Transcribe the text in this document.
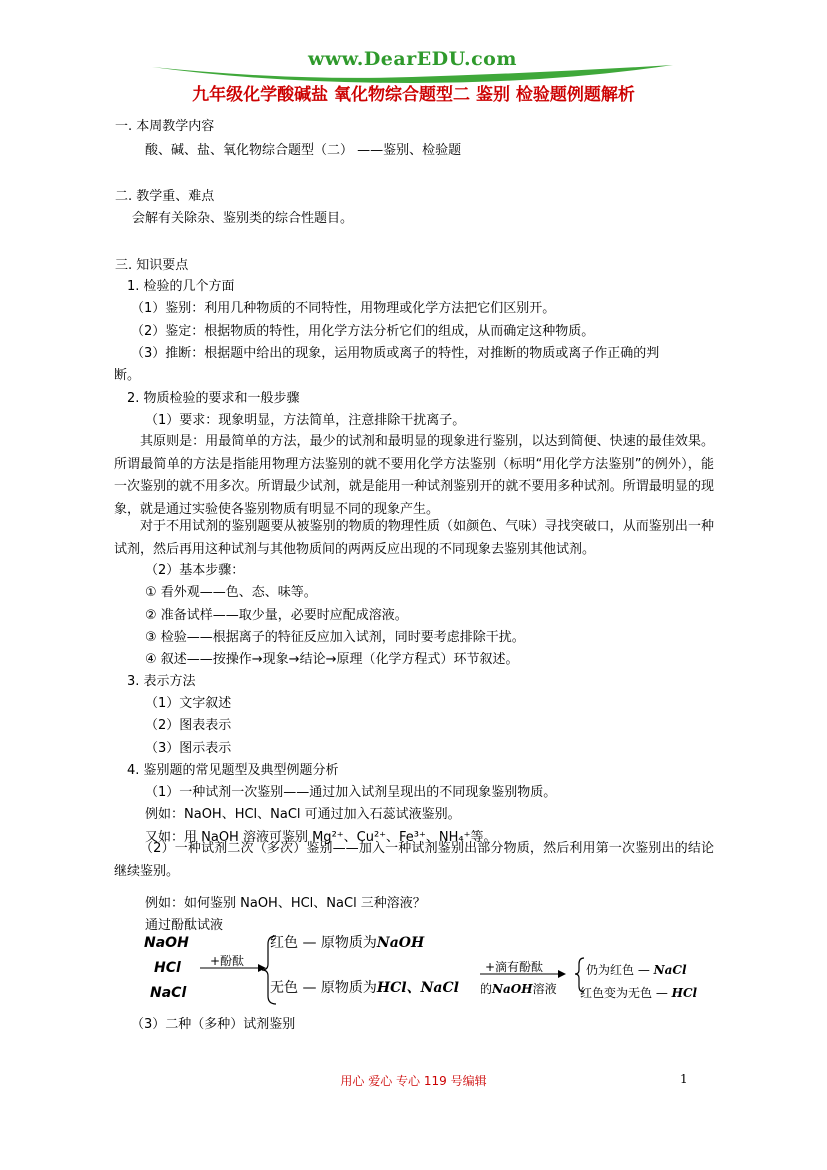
www.DearEDU.com
九年级化学酸碱盐 氧化物综合题型二 鉴别 检验题例题解析
一. 本周教学内容
酸、碱、盐、氧化物综合题型（二） ——鉴别、检验题
二. 教学重、难点
会解有关除杂、鉴别类的综合性题目。
三. 知识要点
1. 检验的几个方面
（1）鉴别：利用几种物质的不同特性，用物理或化学方法把它们区别开。
（2）鉴定：根据物质的特性，用化学方法分析它们的组成，从而确定这种物质。
（3）推断：根据题中给出的现象，运用物质或离子的特性，对推断的物质或离子作正确的判
断。
2. 物质检验的要求和一般步骤
（1）要求：现象明显，方法简单，注意排除干扰离子。
其原则是：用最简单的方法，最少的试剂和最明显的现象进行鉴别，以达到简便、快速的最佳效果。所谓最简单的方法是指能用物理方法鉴别的就不要用化学方法鉴别（标明“用化学方法鉴别”的例外），能一次鉴别的就不用多次。所谓最少试剂，就是能用一种试剂鉴别开的就不要用多种试剂。所谓最明显的现象，就是通过实验使各鉴别物质有明显不同的现象产生。
对于不用试剂的鉴别题要从被鉴别的物质的物理性质（如颜色、气味）寻找突破口，从而鉴别出一种试剂，然后再用这种试剂与其他物质间的两两反应出现的不同现象去鉴别其他试剂。
（2）基本步骤：
① 看外观——色、态、味等。
② 准备试样——取少量，必要时应配成溶液。
③ 检验——根据离子的特征反应加入试剂，同时要考虑排除干扰。
④ 叙述——按操作→现象→结论→原理（化学方程式）环节叙述。
3. 表示方法
（1）文字叙述
（2）图表表示
（3）图示表示
4. 鉴别题的常见题型及典型例题分析
（1）一种试剂一次鉴别——通过加入试剂呈现出的不同现象鉴别物质。
例如：NaOH、HCl、NaCl 可通过加入石蕊试液鉴别。
又如：用 NaOH 溶液可鉴别 Mg²⁺、Cu²⁺、Fe³⁺、NH₄⁺等。
（2）一种试剂二次（多次）鉴别——加入一种试剂鉴别出部分物质，然后利用第一次鉴别出的结论继续鉴别。
例如：如何鉴别 NaOH、HCl、NaCl 三种溶液？
通过酚酞试液
NaOH
HCl
NaCl
+酚酞
红色 — 原物质为NaOH
无色 — 原物质为HCl、NaCl
+滴有酚酞
的NaOH溶液
仍为红色 — NaCl
红色变为无色 — HCl
（3）二种（多种）试剂鉴别
用心 爱心 专心 119 号编辑	1
